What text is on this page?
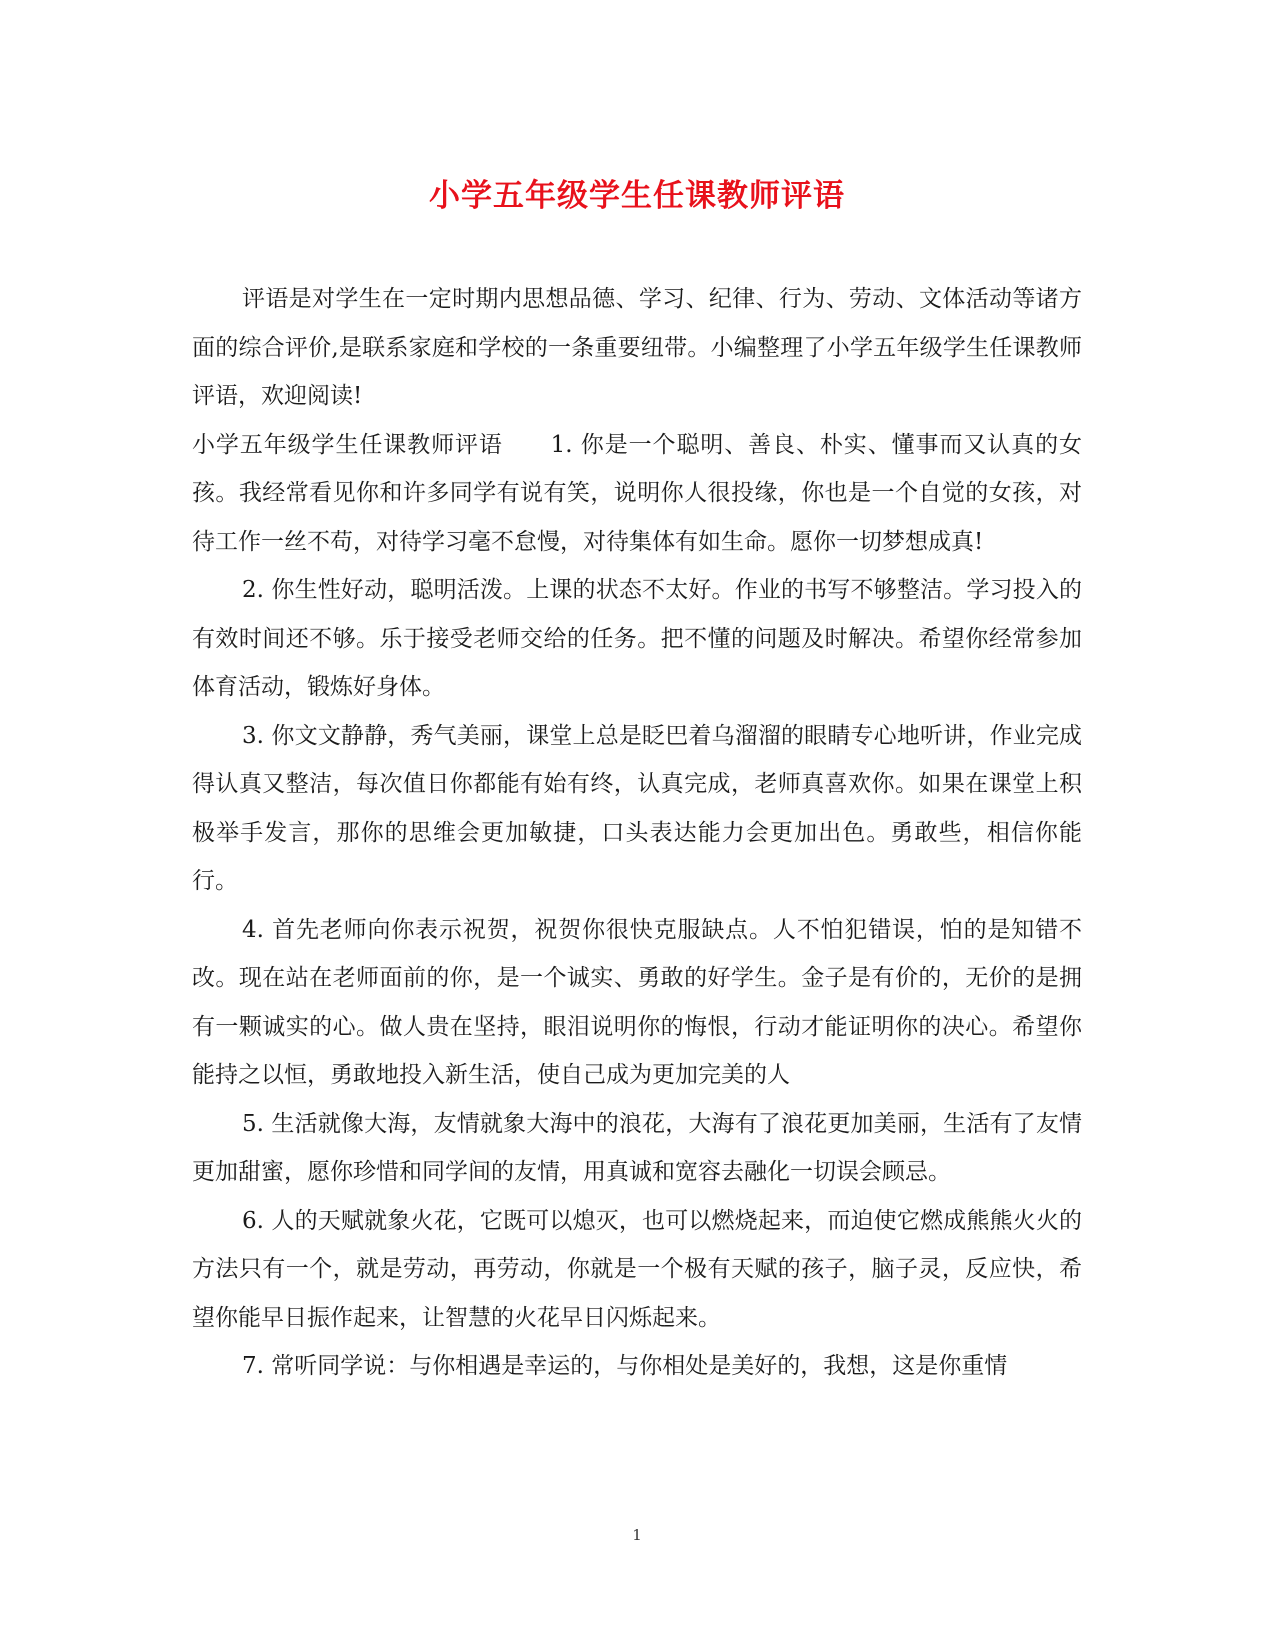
小学五年级学生任课教师评语

评语是对学生在一定时期内思想品德、学习、纪律、行为、劳动、文体活动等诸方面的综合评价,是联系家庭和学校的一条重要纽带。小编整理了小学五年级学生任课教师评语，欢迎阅读!

小学五年级学生任课教师评语　　1. 你是一个聪明、善良、朴实、懂事而又认真的女孩。我经常看见你和许多同学有说有笑，说明你人很投缘，你也是一个自觉的女孩，对待工作一丝不苟，对待学习毫不怠慢，对待集体有如生命。愿你一切梦想成真!

2. 你生性好动，聪明活泼。上课的状态不太好。作业的书写不够整洁。学习投入的有效时间还不够。乐于接受老师交给的任务。把不懂的问题及时解决。希望你经常参加体育活动，锻炼好身体。

3. 你文文静静，秀气美丽，课堂上总是眨巴着乌溜溜的眼睛专心地听讲，作业完成得认真又整洁，每次值日你都能有始有终，认真完成，老师真喜欢你。如果在课堂上积极举手发言，那你的思维会更加敏捷，口头表达能力会更加出色。勇敢些，相信你能行。

4. 首先老师向你表示祝贺，祝贺你很快克服缺点。人不怕犯错误，怕的是知错不改。现在站在老师面前的你，是一个诚实、勇敢的好学生。金子是有价的，无价的是拥有一颗诚实的心。做人贵在坚持，眼泪说明你的悔恨，行动才能证明你的决心。希望你能持之以恒，勇敢地投入新生活，使自己成为更加完美的人

5. 生活就像大海，友情就象大海中的浪花，大海有了浪花更加美丽，生活有了友情更加甜蜜，愿你珍惜和同学间的友情，用真诚和宽容去融化一切误会顾忌。

6. 人的天赋就象火花，它既可以熄灭，也可以燃烧起来，而迫使它燃成熊熊火火的方法只有一个，就是劳动，再劳动，你就是一个极有天赋的孩子，脑子灵，反应快，希望你能早日振作起来，让智慧的火花早日闪烁起来。

7. 常听同学说：与你相遇是幸运的，与你相处是美好的，我想，这是你重情

1
